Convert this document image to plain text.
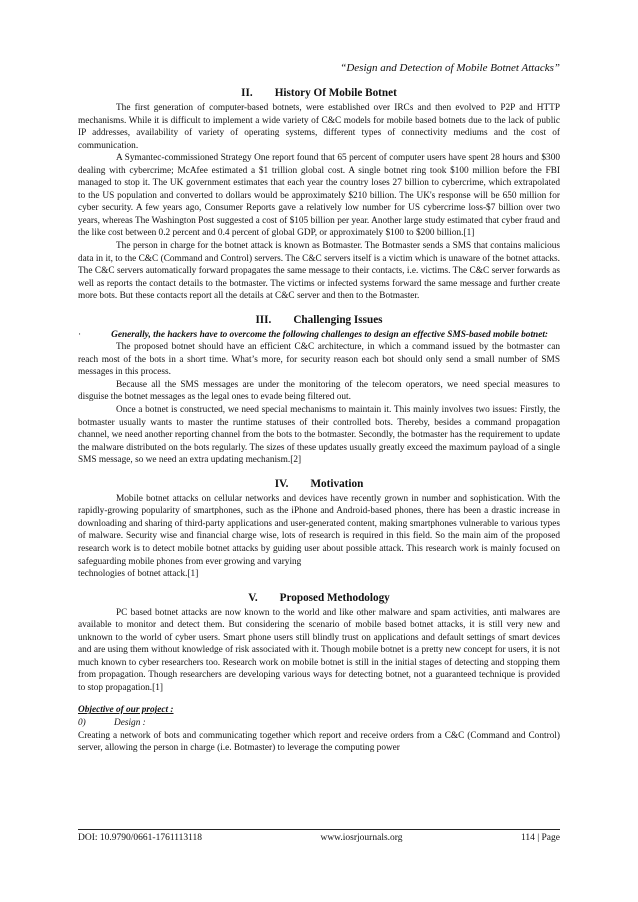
“Design and Detection of Mobile Botnet Attacks”
II. History Of Mobile Botnet

The first generation of computer-based botnets, were established over IRCs and then evolved to P2P and HTTP mechanisms. While it is difficult to implement a wide variety of C&C models for mobile based botnets due to the lack of public IP addresses, availability of variety of operating systems, different types of connectivity mediums and the cost of communication.

A Symantec-commissioned Strategy One report found that 65 percent of computer users have spent 28 hours and $300 dealing with cybercrime; McAfee estimated a $1 trillion global cost. A single botnet ring took $100 million before the FBI managed to stop it. The UK government estimates that each year the country loses 27 billion to cybercrime, which extrapolated to the US population and converted to dollars would be approximately $210 billion. The UK's response will be 650 million for cyber security. A few years ago, Consumer Reports gave a relatively low number for US cybercrime loss-$7 billion over two years, whereas The Washington Post suggested a cost of $105 billion per year. Another large study estimated that cyber fraud and the like cost between 0.2 percent and 0.4 percent of global GDP, or approximately $100 to $200 billion.[1]

The person in charge for the botnet attack is known as Botmaster. The Botmaster sends a SMS that contains malicious data in it, to the C&C (Command and Control) servers. The C&C servers itself is a victim which is unaware of the botnet attacks. The C&C servers automatically forward propagates the same message to their contacts, i.e. victims. The C&C server forwards as well as reports the contact details to the botmaster. The victims or infected systems forward the same message and further create more bots. But these contacts report all the details at C&C server and then to the Botmaster.

III. Challenging Issues

·	Generally, the hackers have to overcome the following challenges to design an effective SMS-based mobile botnet:

The proposed botnet should have an efficient C&C architecture, in which a command issued by the botmaster can reach most of the bots in a short time. What’s more, for security reason each bot should only send a small number of SMS messages in this process.

Because all the SMS messages are under the monitoring of the telecom operators, we need special measures to disguise the botnet messages as the legal ones to evade being filtered out.

Once a botnet is constructed, we need special mechanisms to maintain it. This mainly involves two issues: Firstly, the botmaster usually wants to master the runtime statuses of their controlled bots. Thereby, besides a command propagation channel, we need another reporting channel from the bots to the botmaster. Secondly, the botmaster has the requirement to update the malware distributed on the bots regularly. The sizes of these updates usually greatly exceed the maximum payload of a single SMS message, so we need an extra updating mechanism.[2]

IV. Motivation

Mobile botnet attacks on cellular networks and devices have recently grown in number and sophistication. With the rapidly-growing popularity of smartphones, such as the iPhone and Android-based phones, there has been a drastic increase in downloading and sharing of third-party applications and user-generated content, making smartphones vulnerable to various types of malware. Security wise and financial charge wise, lots of research is required in this field. So the main aim of the proposed research work is to detect mobile botnet attacks by guiding user about possible attack. This research work is mainly focused on safeguarding mobile phones from ever growing and varying

technologies of botnet attack.[1]

V. Proposed Methodology

PC based botnet attacks are now known to the world and like other malware and spam activities, anti malwares are available to monitor and detect them. But considering the scenario of mobile based botnet attacks, it is still very new and unknown to the world of cyber users. Smart phone users still blindly trust on applications and default settings of smart devices and are using them without knowledge of risk associated with it. Though mobile botnet is a pretty new concept for users, it is not much known to cyber researchers too. Research work on mobile botnet is still in the initial stages of detecting and stopping them from propagation. Though researchers are developing various ways for detecting botnet, not a guaranteed technique is provided to stop propagation.[1]

Objective of our project :

0)	Design :

Creating a network of bots and communicating together which report and receive orders from a C&C (Command and Control) server, allowing the person in charge (i.e. Botmaster) to leverage the computing power

DOI: 10.9790/0661-1761113118	www.iosrjournals.org	114 | Page
